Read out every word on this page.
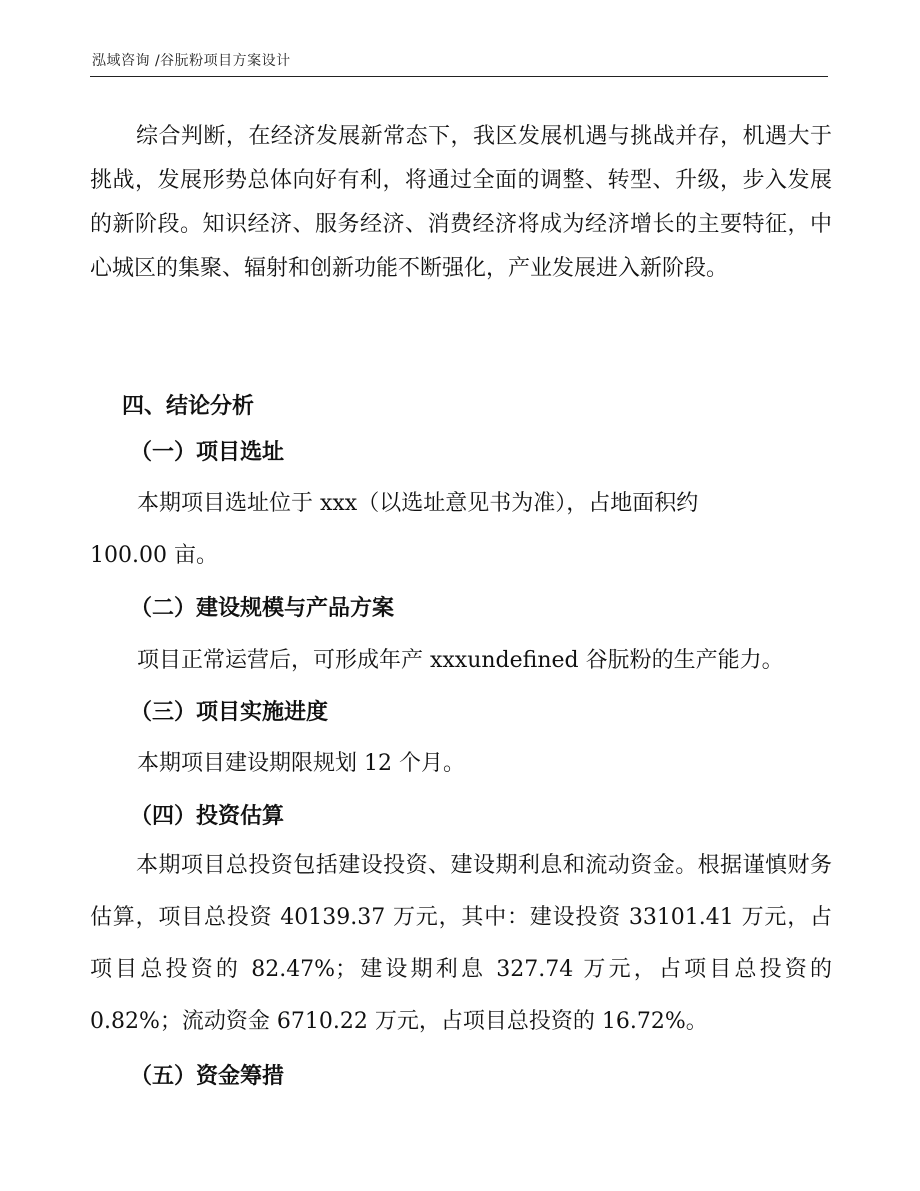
泓域咨询 /谷朊粉项目方案设计

综合判断，在经济发展新常态下，我区发展机遇与挑战并存，机遇大于挑战，发展形势总体向好有利，将通过全面的调整、转型、升级，步入发展的新阶段。知识经济、服务经济、消费经济将成为经济增长的主要特征，中心城区的集聚、辐射和创新功能不断强化，产业发展进入新阶段。

四、结论分析
（一）项目选址
本期项目选址位于 xxx（以选址意见书为准），占地面积约
100.00 亩。
（二）建设规模与产品方案
项目正常运营后，可形成年产 xxxundefined 谷朊粉的生产能力。
（三）项目实施进度
本期项目建设期限规划 12 个月。
（四）投资估算

本期项目总投资包括建设投资、建设期利息和流动资金。根据谨慎财务估算，项目总投资 40139.37 万元，其中：建设投资 33101.41 万元，占项目总投资的 82.47%；建设期利息 327.74 万元，占项目总投资的 0.82%；流动资金 6710.22 万元，占项目总投资的 16.72%。

（五）资金筹措
